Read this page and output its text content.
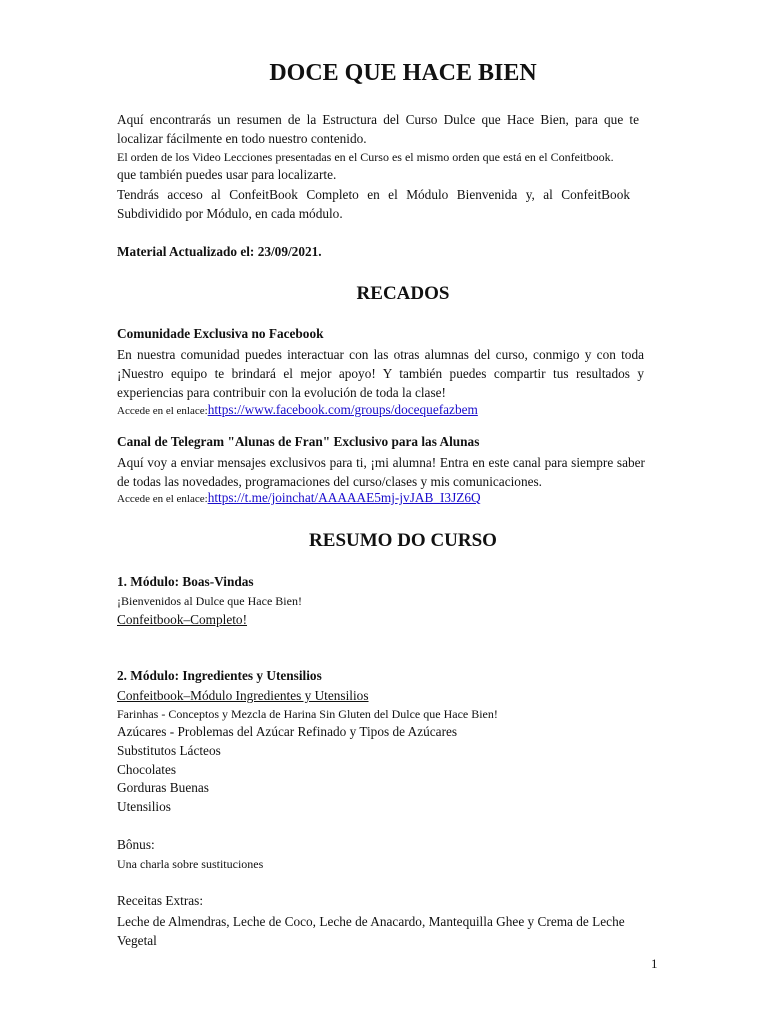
DOCE QUE HACE BIEN
Aquí encontrarás un resumen de la Estructura del Curso Dulce que Hace Bien, para que te localizar fácilmente en todo nuestro contenido.
El orden de los Video Lecciones presentadas en el Curso es el mismo orden que está en el Confeitbook.
que también puedes usar para localizarte.
Tendrás acceso al ConfeitBook Completo en el Módulo Bienvenida y, al ConfeitBook Subdividido por Módulo, en cada módulo.
Material Actualizado el: 23/09/2021.
RECADOS
Comunidade Exclusiva no Facebook
En nuestra comunidad puedes interactuar con las otras alumnas del curso, conmigo y con toda ¡Nuestro equipo te brindará el mejor apoyo! Y también puedes compartir tus resultados y experiencias para contribuir con la evolución de toda la clase!
Accede en el enlace:https://www.facebook.com/groups/docequefazbem
Canal de Telegram "Alunas de Fran" Exclusivo para las Alunas
Aquí voy a enviar mensajes exclusivos para ti, ¡mi alumna! Entra en este canal para siempre saber de todas las novedades, programaciones del curso/clases y mis comunicaciones.
Accede en el enlace:https://t.me/joinchat/AAAAAE5mj-jvJAB_I3JZ6Q
RESUMO DO CURSO
1. Módulo: Boas-Vindas
¡Bienvenidos al Dulce que Hace Bien!
Confeitbook–Completo!
2. Módulo: Ingredientes y Utensilios
Confeitbook–Módulo Ingredientes y Utensilios
Farinhas - Conceptos y Mezcla de Harina Sin Gluten del Dulce que Hace Bien!
Azúcares - Problemas del Azúcar Refinado y Tipos de Azúcares
Substitutos Lácteos
Chocolates
Gorduras Buenas
Utensilios
Bônus:
Una charla sobre sustituciones
Receitas Extras:
Leche de Almendras, Leche de Coco, Leche de Anacardo, Mantequilla Ghee y Crema de Leche Vegetal
1
